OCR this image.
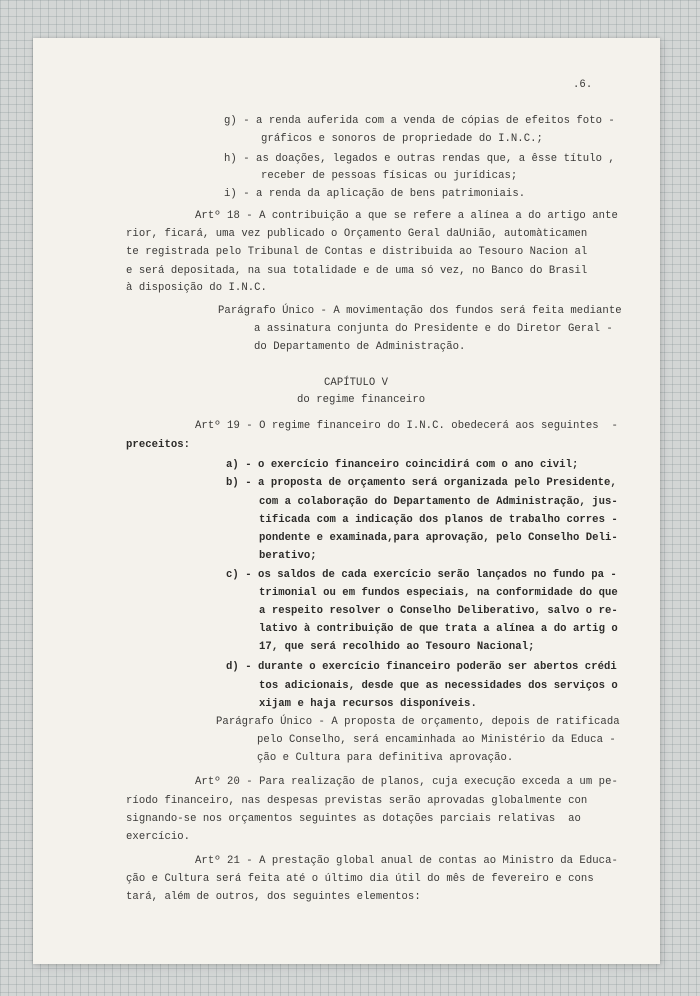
.6.
g) - a renda auferida com a venda de cópias de efeitos foto -
gráficos e sonoros de propriedade do I.N.C.;
h) - as doações, legados e outras rendas que, a êsse título ,
receber de pessoas físicas ou jurídicas;
i) - a renda da aplicação de bens patrimoniais.
Artº 18 - A contribuição a que se refere a alínea a do artigo ante
rior, ficará, uma vez publicado o Orçamento Geral daUnião, automàticamen
te registrada pelo Tribunal de Contas e distribuida ao Tesouro Nacion al
e será depositada, na sua totalidade e de uma só vez, no Banco do Brasil
à disposição do I.N.C.
Parágrafo Único - A movimentação dos fundos será feita mediante
a assinatura conjunta do Presidente e do Diretor Geral -
do Departamento de Administração.
CAPÍTULO V
do regime financeiro
Artº 19 - O regime financeiro do I.N.C. obedecerá aos seguintes  -
preceitos:
a) - o exercício financeiro coincidirá com o ano civil;
b) - a proposta de orçamento será organizada pelo Presidente,
com a colaboração do Departamento de Administração, jus-
tificada com a indicação dos planos de trabalho corres -
pondente e examinada,para aprovação, pelo Conselho Deli-
berativo;
c) - os saldos de cada exercício serão lançados no fundo pa -
trimonial ou em fundos especiais, na conformidade do que
a respeito resolver o Conselho Deliberativo, salvo o re-
lativo à contribuição de que trata a alínea a do artig o
17, que será recolhido ao Tesouro Nacional;
d) - durante o exercício financeiro poderão ser abertos crédi
tos adicionais, desde que as necessidades dos serviços o
xijam e haja recursos disponíveis.
Parágrafo Único - A proposta de orçamento, depois de ratificada
pelo Conselho, será encaminhada ao Ministério da Educa -
ção e Cultura para definitiva aprovação.
Artº 20 - Para realização de planos, cuja execução exceda a um pe-
ríodo financeiro, nas despesas previstas serão aprovadas globalmente con
signando-se nos orçamentos seguintes as dotações parciais relativas  ao
exercício.
Artº 21 - A prestação global anual de contas ao Ministro da Educa-
ção e Cultura será feita até o último dia útil do mês de fevereiro e cons
tará, além de outros, dos seguintes elementos:
